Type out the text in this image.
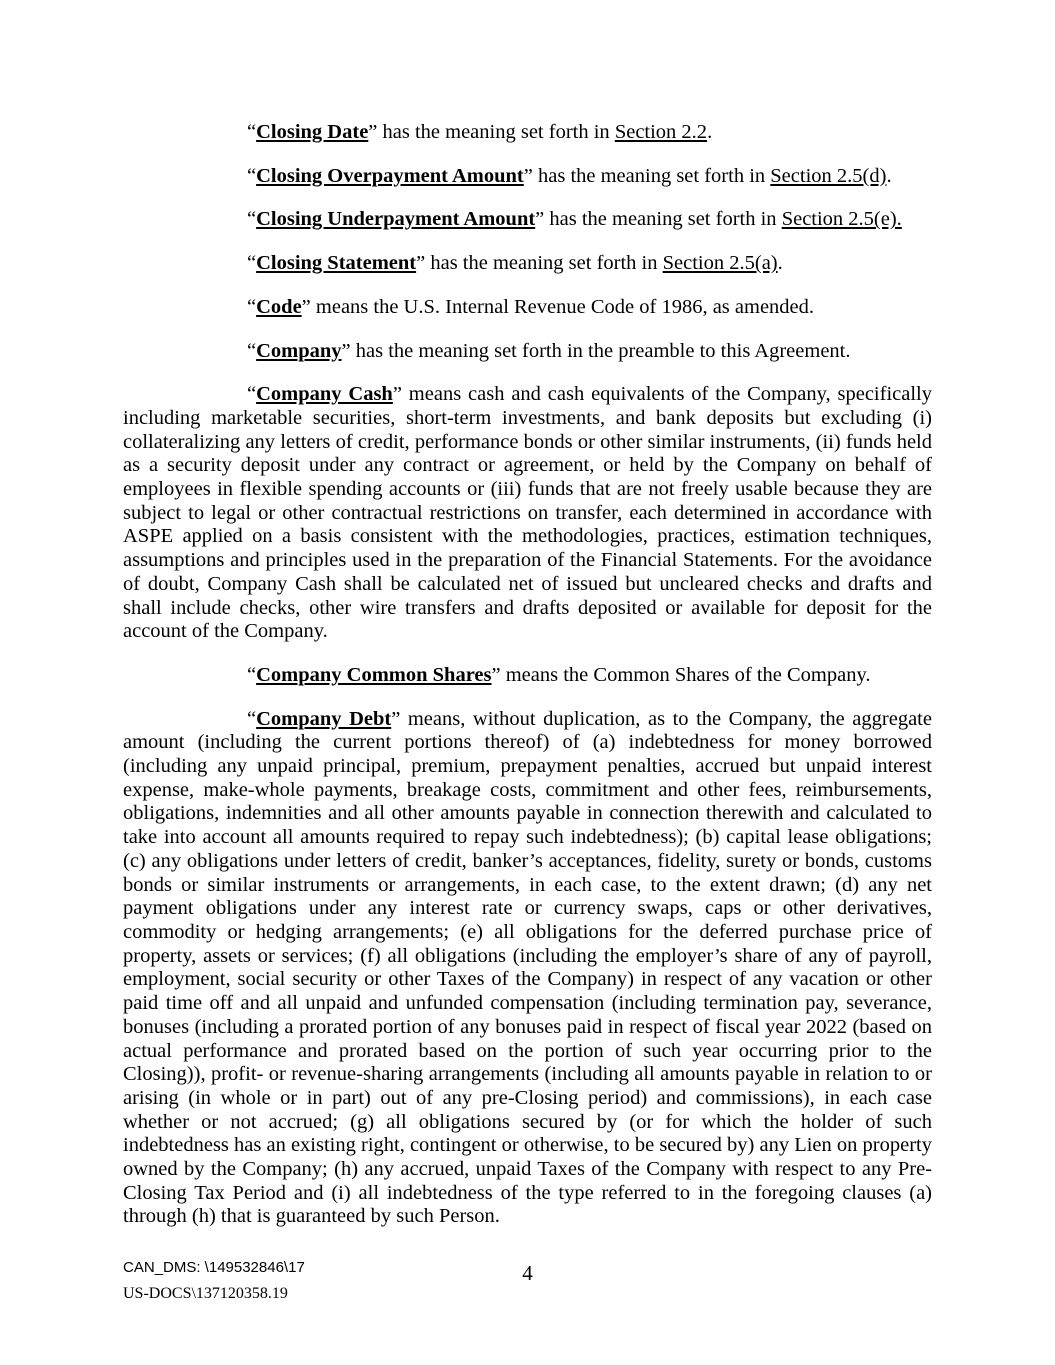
“Closing Date” has the meaning set forth in Section 2.2.

“Closing Overpayment Amount” has the meaning set forth in Section 2.5(d).

“Closing Underpayment Amount” has the meaning set forth in Section 2.5(e).

“Closing Statement” has the meaning set forth in Section 2.5(a).

“Code” means the U.S. Internal Revenue Code of 1986, as amended.

“Company” has the meaning set forth in the preamble to this Agreement.

“Company Cash” means cash and cash equivalents of the Company, specifically including marketable securities, short-term investments, and bank deposits but excluding (i) collateralizing any letters of credit, performance bonds or other similar instruments, (ii) funds held as a security deposit under any contract or agreement, or held by the Company on behalf of employees in flexible spending accounts or (iii) funds that are not freely usable because they are subject to legal or other contractual restrictions on transfer, each determined in accordance with ASPE applied on a basis consistent with the methodologies, practices, estimation techniques, assumptions and principles used in the preparation of the Financial Statements. For the avoidance of doubt, Company Cash shall be calculated net of issued but uncleared checks and drafts and shall include checks, other wire transfers and drafts deposited or available for deposit for the account of the Company.

“Company Common Shares” means the Common Shares of the Company.

“Company Debt” means, without duplication, as to the Company, the aggregate amount (including the current portions thereof) of (a) indebtedness for money borrowed (including any unpaid principal, premium, prepayment penalties, accrued but unpaid interest expense, make-whole payments, breakage costs, commitment and other fees, reimbursements, obligations, indemnities and all other amounts payable in connection therewith and calculated to take into account all amounts required to repay such indebtedness); (b) capital lease obligations; (c) any obligations under letters of credit, banker’s acceptances, fidelity, surety or bonds, customs bonds or similar instruments or arrangements, in each case, to the extent drawn; (d) any net payment obligations under any interest rate or currency swaps, caps or other derivatives, commodity or hedging arrangements; (e) all obligations for the deferred purchase price of property, assets or services; (f) all obligations (including the employer’s share of any of payroll, employment, social security or other Taxes of the Company) in respect of any vacation or other paid time off and all unpaid and unfunded compensation (including termination pay, severance, bonuses (including a prorated portion of any bonuses paid in respect of fiscal year 2022 (based on actual performance and prorated based on the portion of such year occurring prior to the Closing)), profit- or revenue-sharing arrangements (including all amounts payable in relation to or arising (in whole or in part) out of any pre-Closing period) and commissions), in each case whether or not accrued; (g) all obligations secured by (or for which the holder of such indebtedness has an existing right, contingent or otherwise, to be secured by) any Lien on property owned by the Company; (h) any accrued, unpaid Taxes of the Company with respect to any Pre-Closing Tax Period and (i) all indebtedness of the type referred to in the foregoing clauses (a) through (h) that is guaranteed by such Person.

CAN_DMS: \149532846\17
US-DOCS\137120358.19
4
